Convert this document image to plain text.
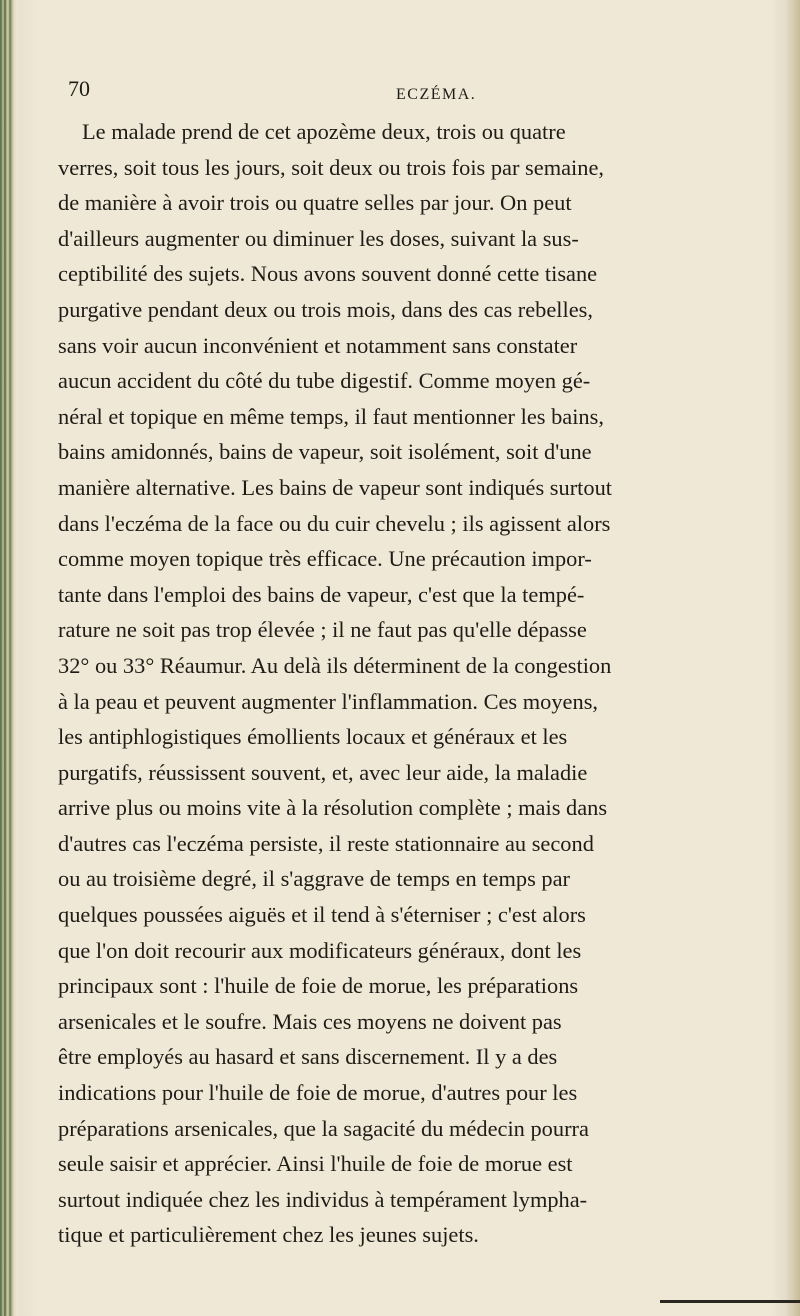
70	ECZÉMA.
Le malade prend de cet apozème deux, trois ou quatre
verres, soit tous les jours, soit deux ou trois fois par semaine,
de manière à avoir trois ou quatre selles par jour. On peut
d'ailleurs augmenter ou diminuer les doses, suivant la sus-
ceptibilité des sujets. Nous avons souvent donné cette tisane
purgative pendant deux ou trois mois, dans des cas rebelles,
sans voir aucun inconvénient et notamment sans constater
aucun accident du côté du tube digestif. Comme moyen gé-
néral et topique en même temps, il faut mentionner les bains,
bains amidonnés, bains de vapeur, soit isolément, soit d'une
manière alternative. Les bains de vapeur sont indiqués surtout
dans l'eczéma de la face ou du cuir chevelu ; ils agissent alors
comme moyen topique très efficace. Une précaution impor-
tante dans l'emploi des bains de vapeur, c'est que la tempé-
rature ne soit pas trop élevée ; il ne faut pas qu'elle dépasse
32° ou 33° Réaumur. Au delà ils déterminent de la congestion
à la peau et peuvent augmenter l'inflammation. Ces moyens,
les antiphlogistiques émollients locaux et généraux et les
purgatifs, réussissent souvent, et, avec leur aide, la maladie
arrive plus ou moins vite à la résolution complète ; mais dans
d'autres cas l'eczéma persiste, il reste stationnaire au second
ou au troisième degré, il s'aggrave de temps en temps par
quelques poussées aiguës et il tend à s'éterniser ; c'est alors
que l'on doit recourir aux modificateurs généraux, dont les
principaux sont : l'huile de foie de morue, les préparations
arsenicales et le soufre. Mais ces moyens ne doivent pas
être employés au hasard et sans discernement. Il y a des
indications pour l'huile de foie de morue, d'autres pour les
préparations arsenicales, que la sagacité du médecin pourra
seule saisir et apprécier. Ainsi l'huile de foie de morue est
surtout indiquée chez les individus à tempérament lympha-
tique et particulièrement chez les jeunes sujets.
